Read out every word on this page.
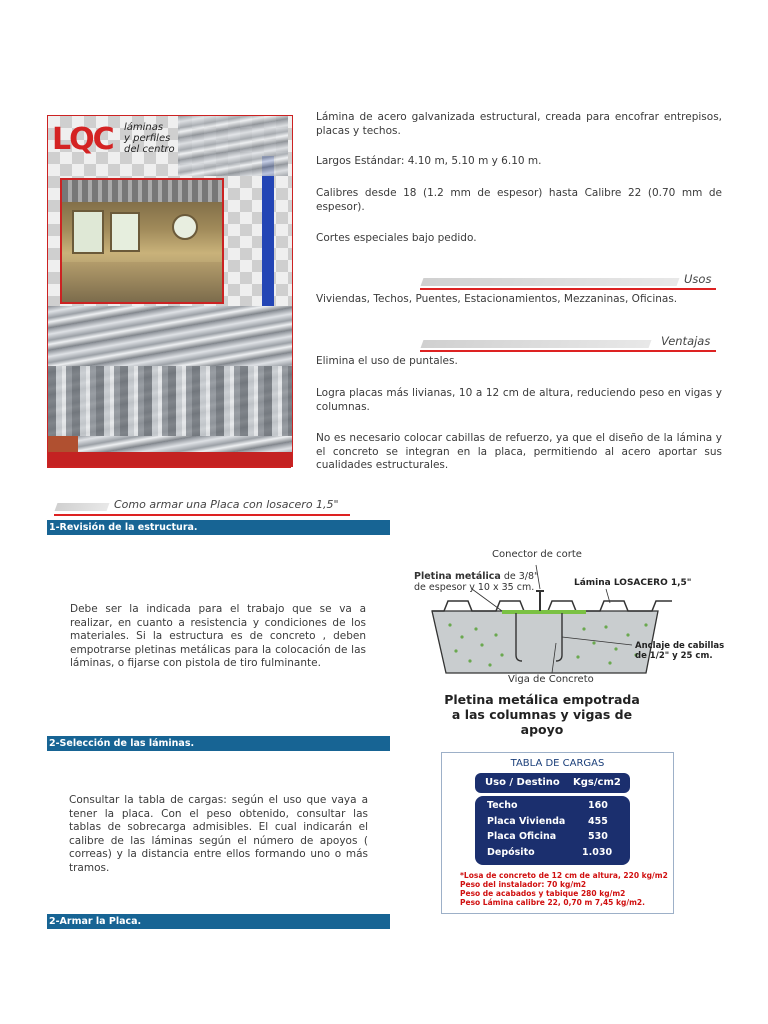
LQC	láminas
y perfiles
del centro

Lámina de acero galvanizada estructural, creada para encofrar entrepisos, placas y techos.

Largos Estándar: 4.10 m, 5.10 m y 6.10 m.

Calibres desde 18 (1.2 mm de espesor) hasta Calibre 22 (0.70 mm de espesor).

Cortes especiales bajo pedido.

Usos

Viviendas, Techos, Puentes, Estacionamientos, Mezzaninas, Oficinas.

Ventajas

Elimina el uso de puntales.

Logra placas más livianas, 10 a 12 cm de altura, reduciendo peso en vigas y columnas.

No es necesario colocar cabillas de refuerzo, ya que el diseño de la lámina y el concreto se integran en la placa, permitiendo al acero aportar sus cualidades estructurales.

Como armar una Placa con losacero 1,5"
1-Revisión de la estructura.

Debe ser la indicada para el trabajo que se va a realizar, en cuanto a resistencia y condiciones de los materiales. Si la estructura es de concreto , deben empotrarse pletinas metálicas para la colocación de las láminas, o fijarse con pistola de tiro fulminante.

Conector de corte
Pletina metálica de 3/8"
de espesor y 10 x 35 cm.	Lámina LOSACERO 1,5"
Anclaje de cabillas
de 1/2" y 25 cm.
Viga de Concreto
Pletina metálica empotrada
a las columnas y vigas de apoyo
2-Selección de las láminas.

Consultar la tabla de cargas: según el uso que vaya a tener la placa. Con el peso obtenido, consultar las tablas de sobrecarga admisibles. El cual indicarán el calibre de las láminas según el número de apoyos ( correas) y la distancia entre ellos formando uno o más tramos.

TABLA DE CARGAS
Uso / Destino Kgs/cm2
Techo	160
Placa Vivienda 455
Placa Oficina	530
Depósito	1.030
*Losa de concreto de 12 cm de altura, 220 kg/m2
Peso del instalador: 70 kg/m2
Peso de acabados y tabique 280 kg/m2
Peso Lámina calibre 22, 0,70 m 7,45 kg/m2.
2-Armar la Placa.
